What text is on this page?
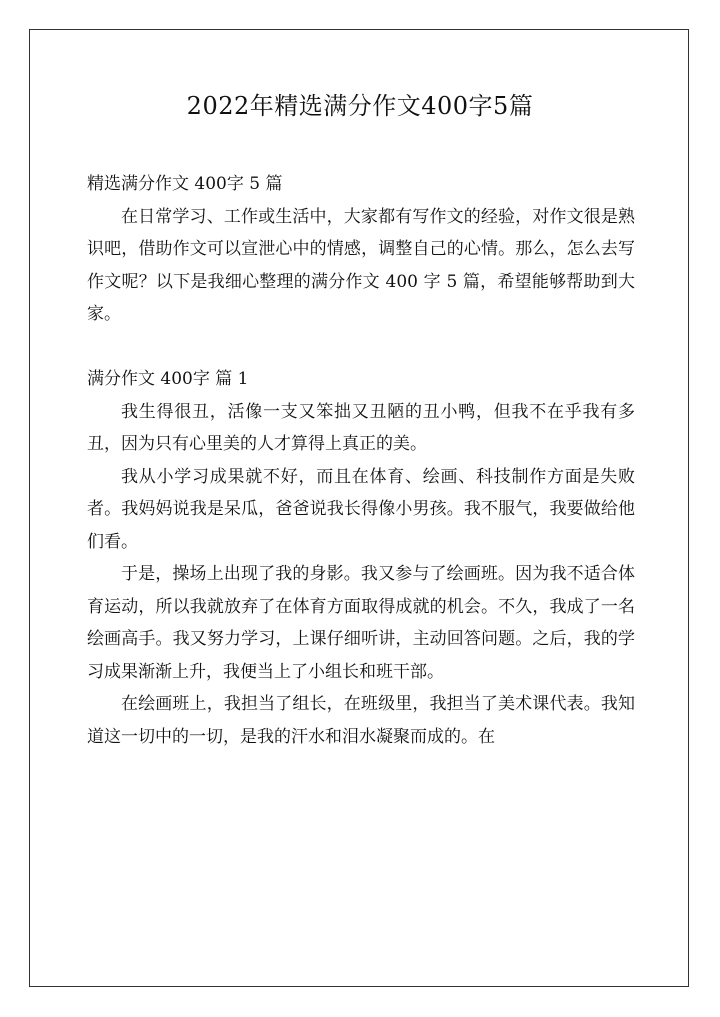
2022年精选满分作文400字5篇

精选满分作文 400字 5 篇

在日常学习、工作或生活中，大家都有写作文的经验，对作文很是熟识吧，借助作文可以宣泄心中的情感，调整自己的心情。那么，怎么去写作文呢？以下是我细心整理的满分作文 400 字 5 篇，希望能够帮助到大家。

满分作文 400字 篇 1

我生得很丑，活像一支又笨拙又丑陋的丑小鸭，但我不在乎我有多丑，因为只有心里美的人才算得上真正的美。

我从小学习成果就不好，而且在体育、绘画、科技制作方面是失败者。我妈妈说我是呆瓜，爸爸说我长得像小男孩。我不服气，我要做给他们看。

于是，操场上出现了我的身影。我又参与了绘画班。因为我不适合体育运动，所以我就放弃了在体育方面取得成就的机会。不久，我成了一名绘画高手。我又努力学习，上课仔细听讲，主动回答问题。之后，我的学习成果渐渐上升，我便当上了小组长和班干部。

在绘画班上，我担当了组长，在班级里，我担当了美术课代表。我知道这一切中的一切，是我的汗水和泪水凝聚而成的。在
